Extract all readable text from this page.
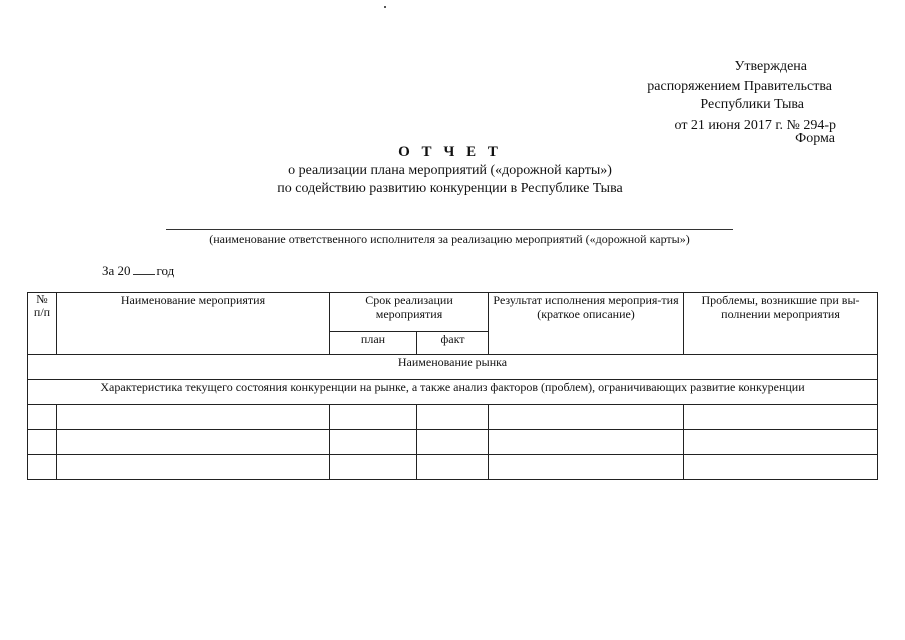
Утверждена
распоряжением Правительства
Республики Тыва
от 21 июня 2017 г. № 294-р
Форма
О Т Ч Е Т
о реализации плана мероприятий («дорожной карты»)
по содействию развитию конкуренции в Республике Тыва
(наименование ответственного исполнителя за реализацию мероприятий («дорожной карты»)
За 20 год
№ п/п	Наименование мероприятия	Срок реализации мероприятия		Результат исполнения мероприя-тия (краткое описание)	Проблемы, возникшие при вы-полнении мероприятия
		план	факт		
Наименование рынка					
Характеристика текущего состояния конкуренции на рынке, а также анализ факторов (проблем), ограничивающих развитие конкуренции					
